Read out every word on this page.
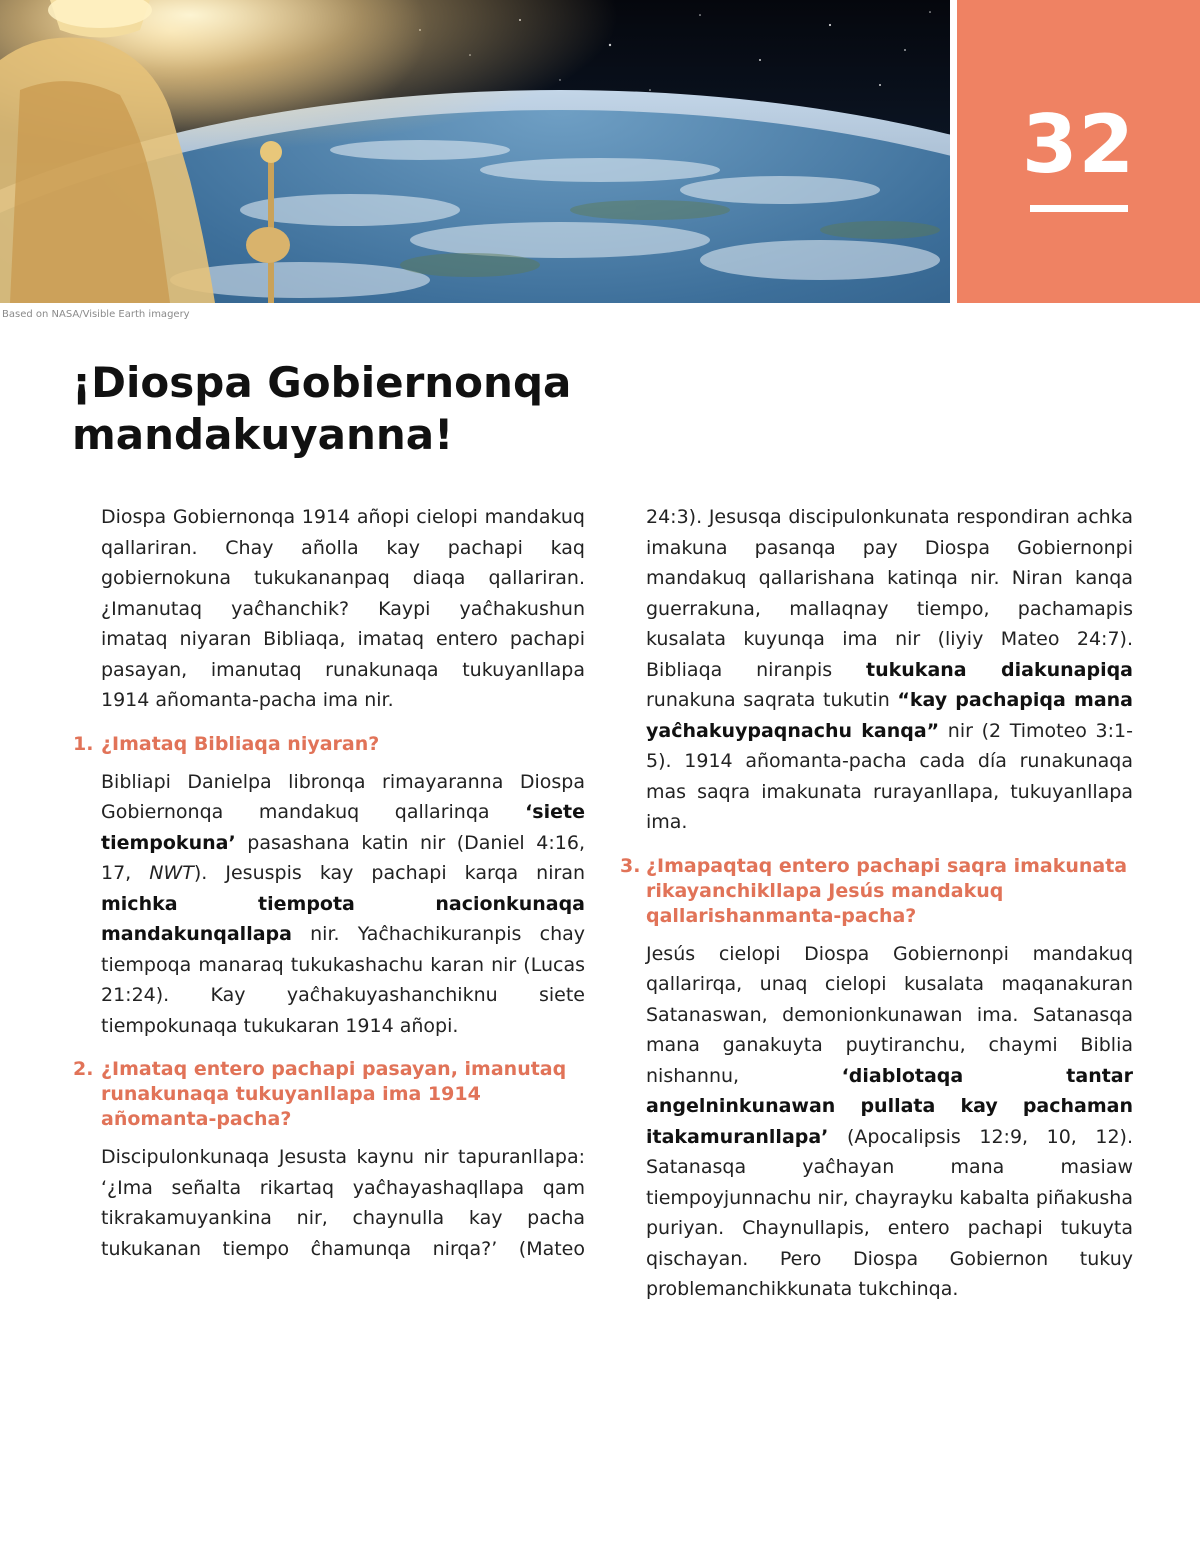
32
Based on NASA/Visible Earth imagery
¡Diospa Gobiernonqa
mandakuyanna!

Diospa Gobiernonqa 1914 añopi cielopi mandakuq qallariran. Chay añolla kay pachapi kaq gobiernokuna tukukananpaq diaqa qallariran. ¿Imanutaq yaĉhanchik? Kaypi yaĉhakushun imataq niyaran Bibliaqa, imataq entero pachapi pasayan, imanutaq runakunaqa tukuyanllapa 1914 añomanta-pacha ima nir.

1. ¿Imataq Bibliaqa niyaran?

Bibliapi Danielpa libronqa rimayaranna Diospa Gobiernonqa mandakuq qallarinqa ‘siete tiempokuna’ pasashana katin nir (Daniel 4:16, 17, NWT). Jesuspis kay pachapi karqa niran michka tiempota nacionkunaqa mandakunqallapa nir. Yaĉhachikuranpis chay tiempoqa manaraq tukukashachu karan nir (Lucas 21:24). Kay yaĉhakuyashanchiknu siete tiempokunaqa tukukaran 1914 añopi.

2. ¿Imataq entero pachapi pasayan, imanutaq runakunaqa tukuyanllapa ima 1914 añomanta-pacha?

Discipulonkunaqa Jesusta kaynu nir tapuranllapa: ‘¿Ima señalta rikartaq yaĉhayashaqllapa qam tikrakamuyankina nir, chaynulla kay pacha tukukanan tiempo ĉhamunqa nirqa?’ (Mateo

24:3). Jesusqa discipulonkunata respondiran achka imakuna pasanqa pay Diospa Gobiernonpi mandakuq qallarishana katinqa nir. Niran kanqa guerrakuna, mallaqnay tiempo, pachamapis kusalata kuyunqa ima nir (liyiy Mateo 24:7). Bibliaqa niranpis tukukana diakunapiqa runakuna saqrata tukutin “kay pachapiqa mana yaĉhakuypaqnachu kanqa” nir (2 Timoteo 3:1-5). 1914 añomanta-pacha cada día runakunaqa mas saqra imakunata rurayanllapa, tukuyanllapa ima.

3. ¿Imapaqtaq entero pachapi saqra imakunata rikayanchikllapa Jesús mandakuq qallarishanmanta-pacha?

Jesús cielopi Diospa Gobiernonpi mandakuq qallarirqa, unaq cielopi kusalata maqanakuran Satanaswan, demonionkunawan ima. Satanasqa mana ganakuyta puytiranchu, chaymi Biblia nishannu, ‘diablotaqa tantar angelninkunawan pullata kay pachaman itakamuranllapa’ (Apocalipsis 12:9, 10, 12). Satanasqa yaĉhayan mana masiaw tiempoyjunnachu nir, chayrayku kabalta piñakusha puriyan. Chaynullapis, entero pachapi tukuyta qischayan. Pero Diospa Gobiernon tukuy problemanchikkunata tukchinqa.
